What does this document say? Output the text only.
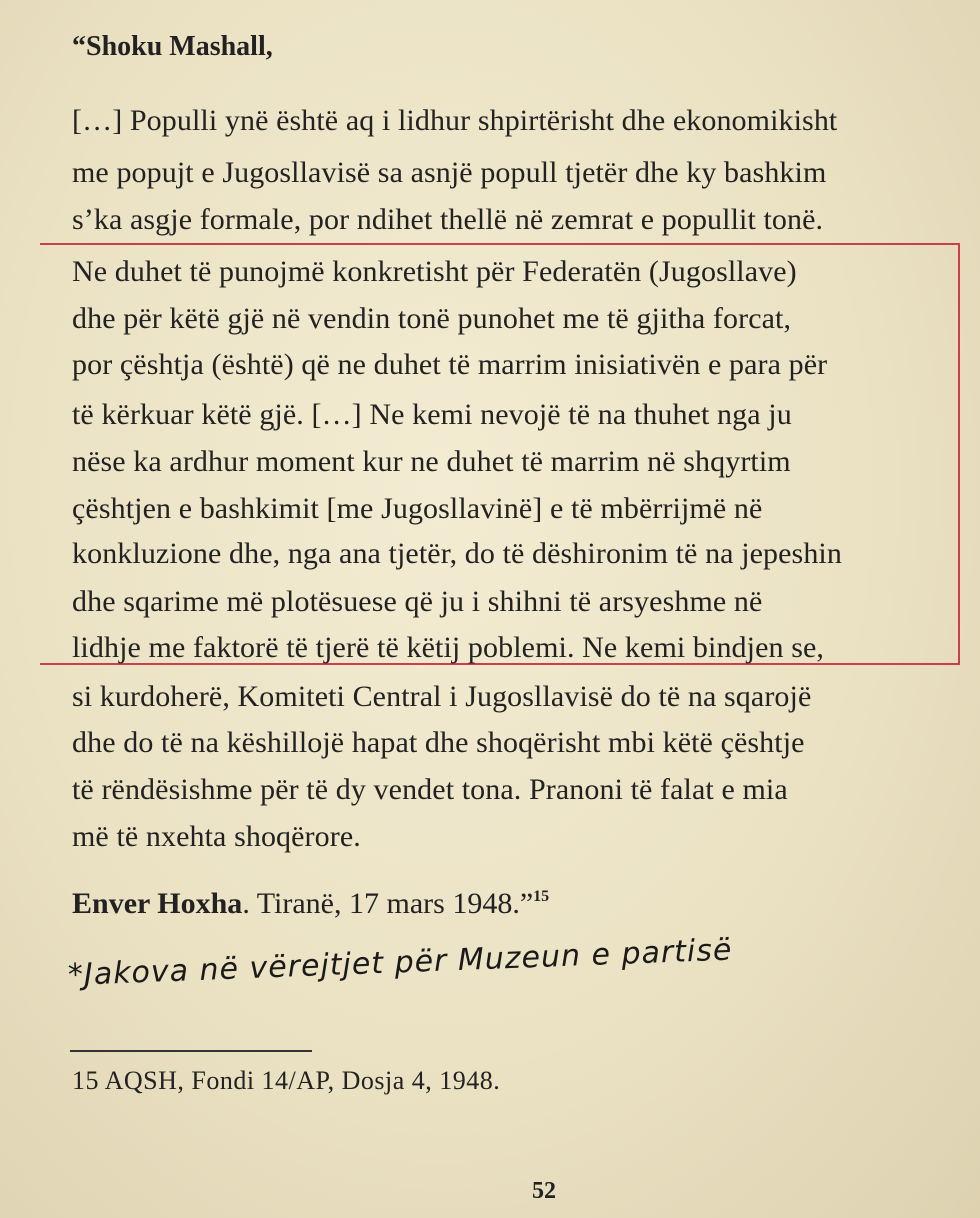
“Shoku Mashall,
[…] Populli ynë është aq i lidhur shpirtërisht dhe ekonomikisht
me popujt e Jugosllavisë sa asnjë popull tjetër dhe ky bashkim
s’ka asgje formale, por ndihet thellë në zemrat e popullit tonë.
Ne duhet të punojmë konkretisht për Federatën (Jugosllave)
dhe për këtë gjë në vendin tonë punohet me të gjitha forcat,
por çështja (është) që ne duhet të marrim inisiativën e para për
të kërkuar këtë gjë. […] Ne kemi nevojë të na thuhet nga ju
nëse ka ardhur moment kur ne duhet të marrim në shqyrtim
çështjen e bashkimit [me Jugosllavinë] e të mbërrijmë në
konkluzione dhe, nga ana tjetër, do të dëshironim të na jepeshin
dhe sqarime më plotësuese që ju i shihni të arsyeshme në
lidhje me faktorë të tjerë të këtij poblemi. Ne kemi bindjen se,
si kurdoherë, Komiteti Central i Jugosllavisë do të na sqarojë
dhe do të na këshillojë hapat dhe shoqërisht mbi këtë çështje
të rëndësishme për të dy vendet tona. Pranoni të falat e mia
më të nxehta shoqërore.
Enver Hoxha. Tiranë, 17 mars 1948.”$^{15}$
*Jakova në vërejtjet për Muzeun e partisë
15 AQSH, Fondi 14/AP, Dosja 4, 1948.
52
